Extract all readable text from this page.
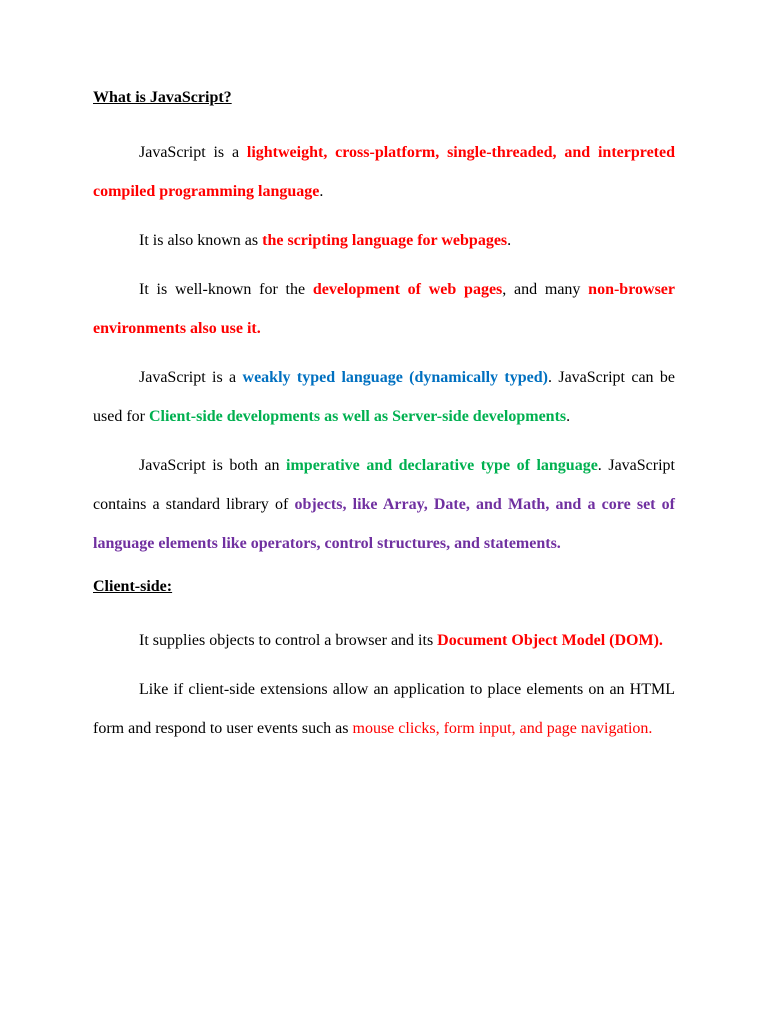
What is JavaScript?

JavaScript is a lightweight, cross-platform, single-threaded, and interpreted compiled programming language.

It is also known as the scripting language for webpages.

It is well-known for the development of web pages, and many non-browser environments also use it.

JavaScript is a weakly typed language (dynamically typed). JavaScript can be used for Client-side developments as well as Server-side developments.

JavaScript is both an imperative and declarative type of language. JavaScript contains a standard library of objects, like Array, Date, and Math, and a core set of language elements like operators, control structures, and statements.

Client-side:

It supplies objects to control a browser and its Document Object Model (DOM).

Like if client-side extensions allow an application to place elements on an HTML form and respond to user events such as mouse clicks, form input, and page navigation.
